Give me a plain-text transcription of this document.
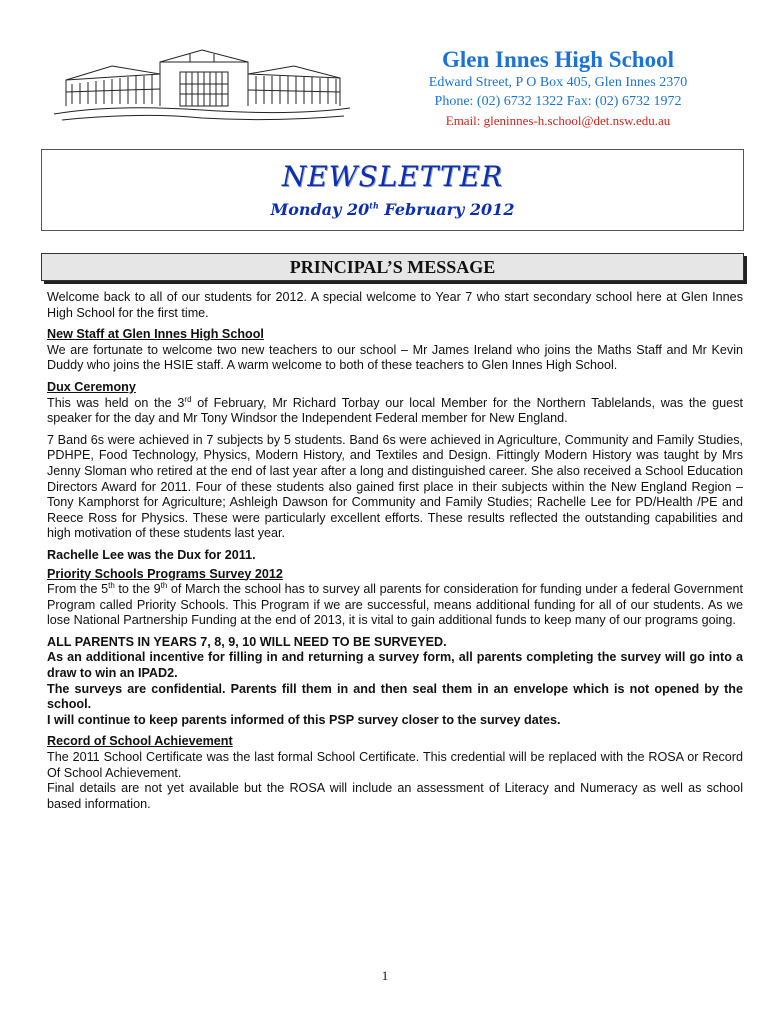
Glen Innes High School
Edward Street, P O Box 405, Glen Innes 2370
Phone: (02) 6732 1322 Fax: (02) 6732 1972
Email: gleninnes-h.school@det.nsw.edu.au
NEWSLETTER
Monday 20th February 2012
PRINCIPAL’S MESSAGE

Welcome back to all of our students for 2012. A special welcome to Year 7 who start secondary school here at Glen Innes High School for the first time.

New Staff at Glen Innes High School
We are fortunate to welcome two new teachers to our school – Mr James Ireland who joins the Maths Staff and Mr Kevin Duddy who joins the HSIE staff. A warm welcome to both of these teachers to Glen Innes High School.

Dux Ceremony
This was held on the 3rd of February, Mr Richard Torbay our local Member for the Northern Tablelands, was the guest speaker for the day and Mr Tony Windsor the Independent Federal member for New England.

7 Band 6s were achieved in 7 subjects by 5 students. Band 6s were achieved in Agriculture, Community and Family Studies, PDHPE, Food Technology, Physics, Modern History, and Textiles and Design. Fittingly Modern History was taught by Mrs Jenny Sloman who retired at the end of last year after a long and distinguished career. She also received a School Education Directors Award for 2011. Four of these students also gained first place in their subjects within the New England Region – Tony Kamphorst for Agriculture; Ashleigh Dawson for Community and Family Studies; Rachelle Lee for PD/Health /PE and Reece Ross for Physics. These were particularly excellent efforts. These results reflected the outstanding capabilities and high motivation of these students last year.

Rachelle Lee was the Dux for 2011.

Priority Schools Programs Survey 2012
From the 5th to the 9th of March the school has to survey all parents for consideration for funding under a federal Government Program called Priority Schools. This Program if we are successful, means additional funding for all of our students. As we lose National Partnership Funding at the end of 2013, it is vital to gain additional funds to keep many of our programs going.

ALL PARENTS IN YEARS 7, 8, 9, 10 WILL NEED TO BE SURVEYED.
As an additional incentive for filling in and returning a survey form, all parents completing the survey will go into a draw to win an IPAD2.
The surveys are confidential. Parents fill them in and then seal them in an envelope which is not opened by the school.
I will continue to keep parents informed of this PSP survey closer to the survey dates.

Record of School Achievement
The 2011 School Certificate was the last formal School Certificate. This credential will be replaced with the ROSA or Record Of School Achievement.
Final details are not yet available but the ROSA will include an assessment of Literacy and Numeracy as well as school based information.

1
